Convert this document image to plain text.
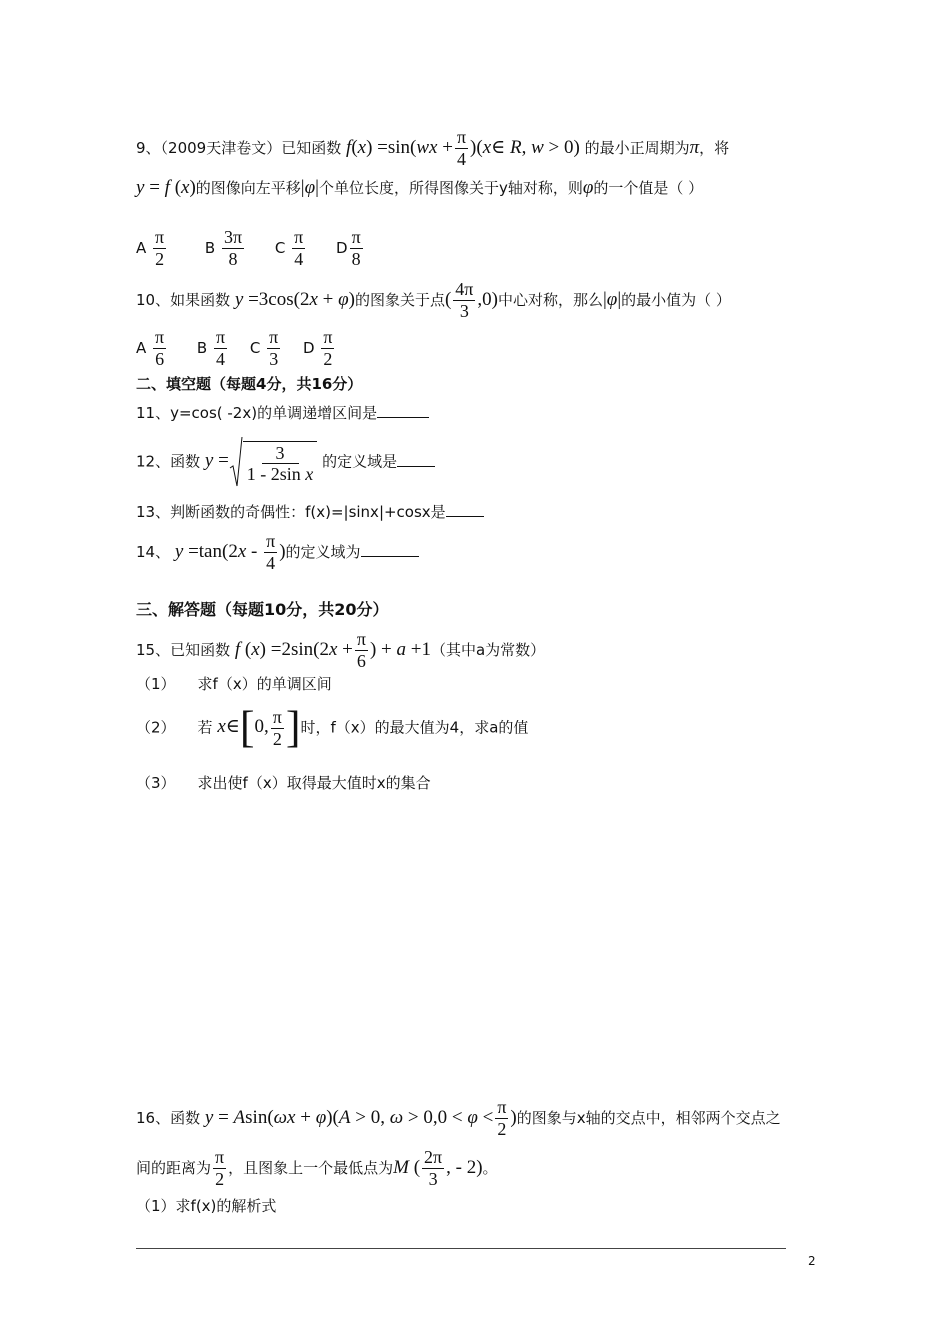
9、（2009天津卷文）已知函数 $f(x) =\sin(wx + \frac{\pi}{4}$ )(x∈ R, w > 0) 的最小正周期为π，将
y = f (x)的图像向左平移|φ|个单位长度，所得图像关于y轴对称，则φ的一个值是（ ）
A $\frac{\pi}{2}$	B $\frac{3\pi}{8}$ C $\frac{\pi}{4}$ D $\frac{\pi}{8}$
10、如果函数 y =3cos(2x + φ)的图象关于点( $\frac{4\pi}{3} ,0$)中心对称，那么|φ|的最小值为（ ）
A $\frac{\pi}{6}$ B $\frac{\pi}{4}$ C $\frac{\pi}{3}$ D $\frac{\pi}{2}$
二、填空题（每题4分，共16分）
11、y=cos( -2x)的单调递增区间是
12、函数 $y = \frac{3}{\text{1 - 2sin x}}$ 的定义域是
13、判断函数的奇偶性：f(x)=|sinx|+cosx是
14、 $y =\tan(2x - \frac{\pi}{4}$ )的定义域为
三、解答题（每题10分，共20分）
15、已知函数 f $(x) =2\sin(2x + \frac{\pi}{6}$ ) + a +1（其中a为常数）
（1） 求f（x）的单调区间
（2） 若 x∈[0, $\frac{\pi}{2}$ ]时，f（x）的最大值为4，求a的值
（3） 求出使f（x）取得最大值时x的集合
16、函数 y = Asin(ωx + φ)(A > 0, $\omega > 0,0 < \varphi < \frac{\pi}{2}$ )的图象与x轴的交点中，相邻两个交点之
间的距离为 $\frac{\pi}{2}$ ，且图象上一个最低点为M ( $\frac{2\pi}{3}$ , - 2)。
（1）求f(x)的解析式
2
